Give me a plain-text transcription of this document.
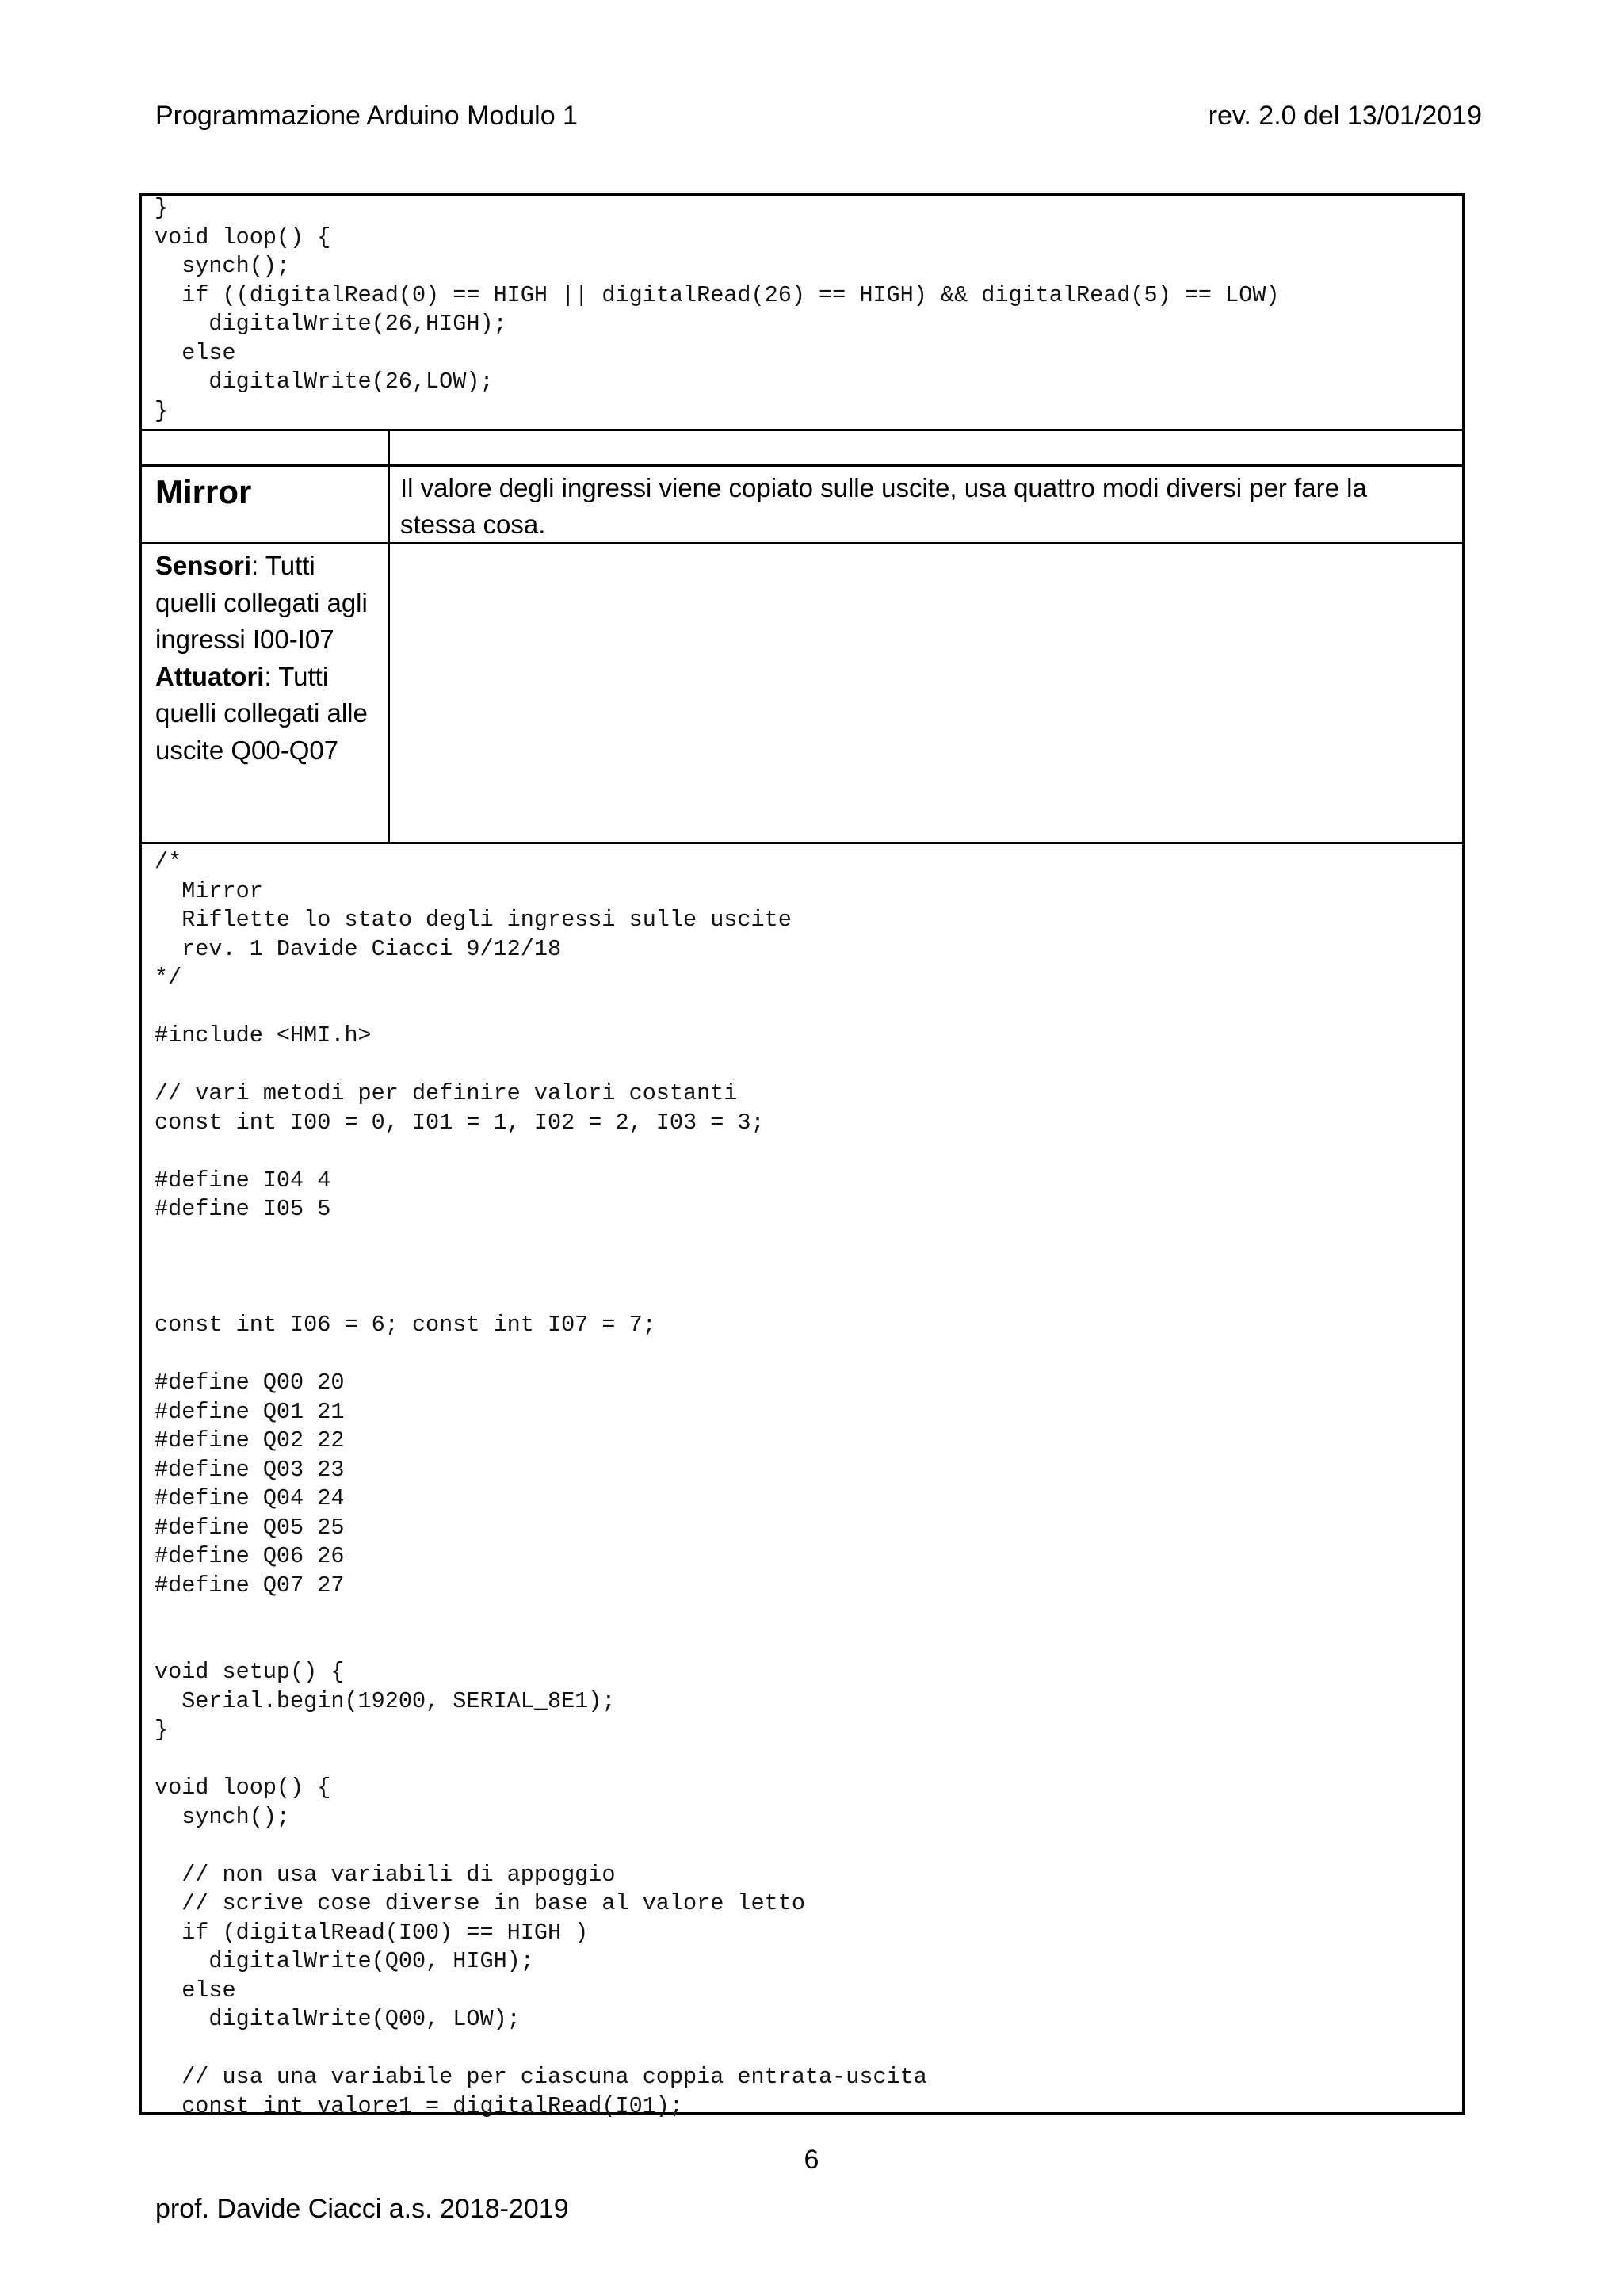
Programmazione Arduino Modulo 1	rev. 2.0 del 13/01/2019
}
void loop() {
synch();
if ((digitalRead(0) == HIGH || digitalRead(26) == HIGH) && digitalRead(5) == LOW)
digitalWrite(26,HIGH);
else
digitalWrite(26,LOW);
}
Mirror	Il valore degli ingressi viene copiato sulle uscite, usa quattro modi diversi per fare la stessa cosa.
Sensori: Tutti quelli collegati agli ingressi I00-I07
Attuatori: Tutti quelli collegati alle uscite Q00-Q07
/*
Mirror
Riflette lo stato degli ingressi sulle uscite
rev. 1 Davide Ciacci 9/12/18
*/

#include <HMI.h>

// vari metodi per definire valori costanti
const int I00 = 0, I01 = 1, I02 = 2, I03 = 3;

#define I04 4
#define I05 5

const int I06 = 6; const int I07 = 7;

#define Q00 20
#define Q01 21
#define Q02 22
#define Q03 23
#define Q04 24
#define Q05 25
#define Q06 26
#define Q07 27

void setup() {
Serial.begin(19200, SERIAL_8E1);
}

void loop() {
synch();

// non usa variabili di appoggio
// scrive cose diverse in base al valore letto
if (digitalRead(I00) == HIGH )
digitalWrite(Q00, HIGH);
else
digitalWrite(Q00, LOW);

// usa una variabile per ciascuna coppia entrata-uscita
const int valore1 = digitalRead(I01);
6
prof. Davide Ciacci a.s. 2018-2019
